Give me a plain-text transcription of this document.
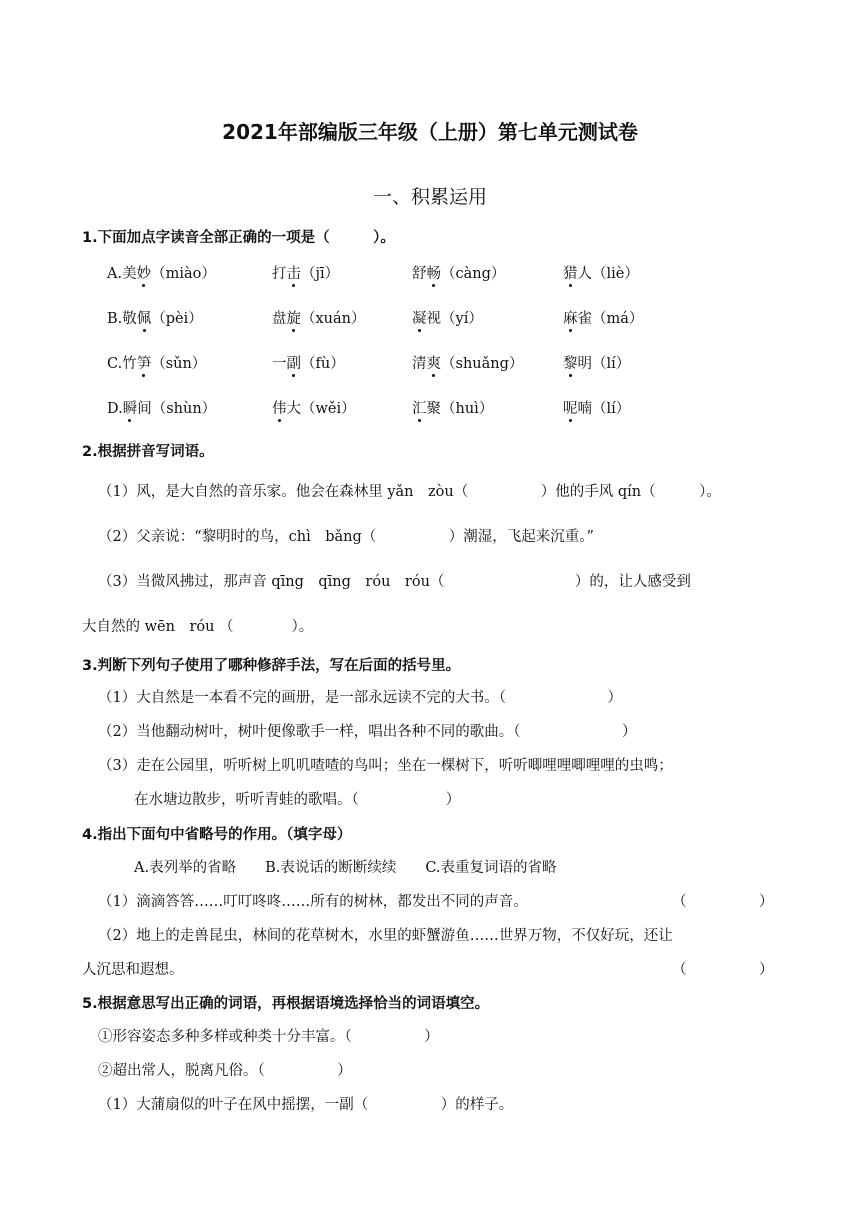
2021年部编版三年级（上册）第七单元测试卷
一、积累运用
1.下面加点字读音全部正确的一项是（　　　）。
A.美妙（miào）	打击（jī）	舒畅（càng）	猎人（liè）
B.敬佩（pèi）	盘旋（xuán）	凝视（yí）	麻雀（má）
C.竹笋（sǔn）	一副（fù）	清爽（shuǎng）	黎明（lí）
D.瞬间（shùn）	伟大（wěi）	汇聚（huì）	呢喃（lí）
2.根据拼音写词语。
（1）风，是大自然的音乐家。他会在森林里 yǎn　zòu（　　　　　）他的手风 qín（　　　）。
（2）父亲说：“黎明时的鸟，chì　bǎng（　　　　　）潮湿，飞起来沉重。”
（3）当微风拂过，那声音 qīng　qīng　róu　róu（　　　　　　　　　）的，让人感受到
大自然的 wēn　róu （　　　　）。
3.判断下列句子使用了哪种修辞手法，写在后面的括号里。
（1）大自然是一本看不完的画册，是一部永远读不完的大书。（　　　　　　　）
（2）当他翻动树叶，树叶便像歌手一样，唱出各种不同的歌曲。（　　　　　　　）
（3）走在公园里，听听树上叽叽喳喳的鸟叫；坐在一棵树下，听听唧哩哩唧哩哩的虫鸣；
在水塘边散步，听听青蛙的歌唱。（　　　　　　）
4.指出下面句中省略号的作用。（填字母）
A.表列举的省略　　B.表说话的断断续续　　C.表重复词语的省略
（1）滴滴答答……叮叮咚咚……所有的树林，都发出不同的声音。	（　　　　　）
（2）地上的走兽昆虫，林间的花草树木，水里的虾蟹游鱼……世界万物，不仅好玩，还让
人沉思和遐想。	（　　　　　）
5.根据意思写出正确的词语，再根据语境选择恰当的词语填空。
①形容姿态多种多样或种类十分丰富。（　　　　　）
②超出常人，脱离凡俗。（　　　　　）
（1）大蒲扇似的叶子在风中摇摆，一副（　　　　　）的样子。
